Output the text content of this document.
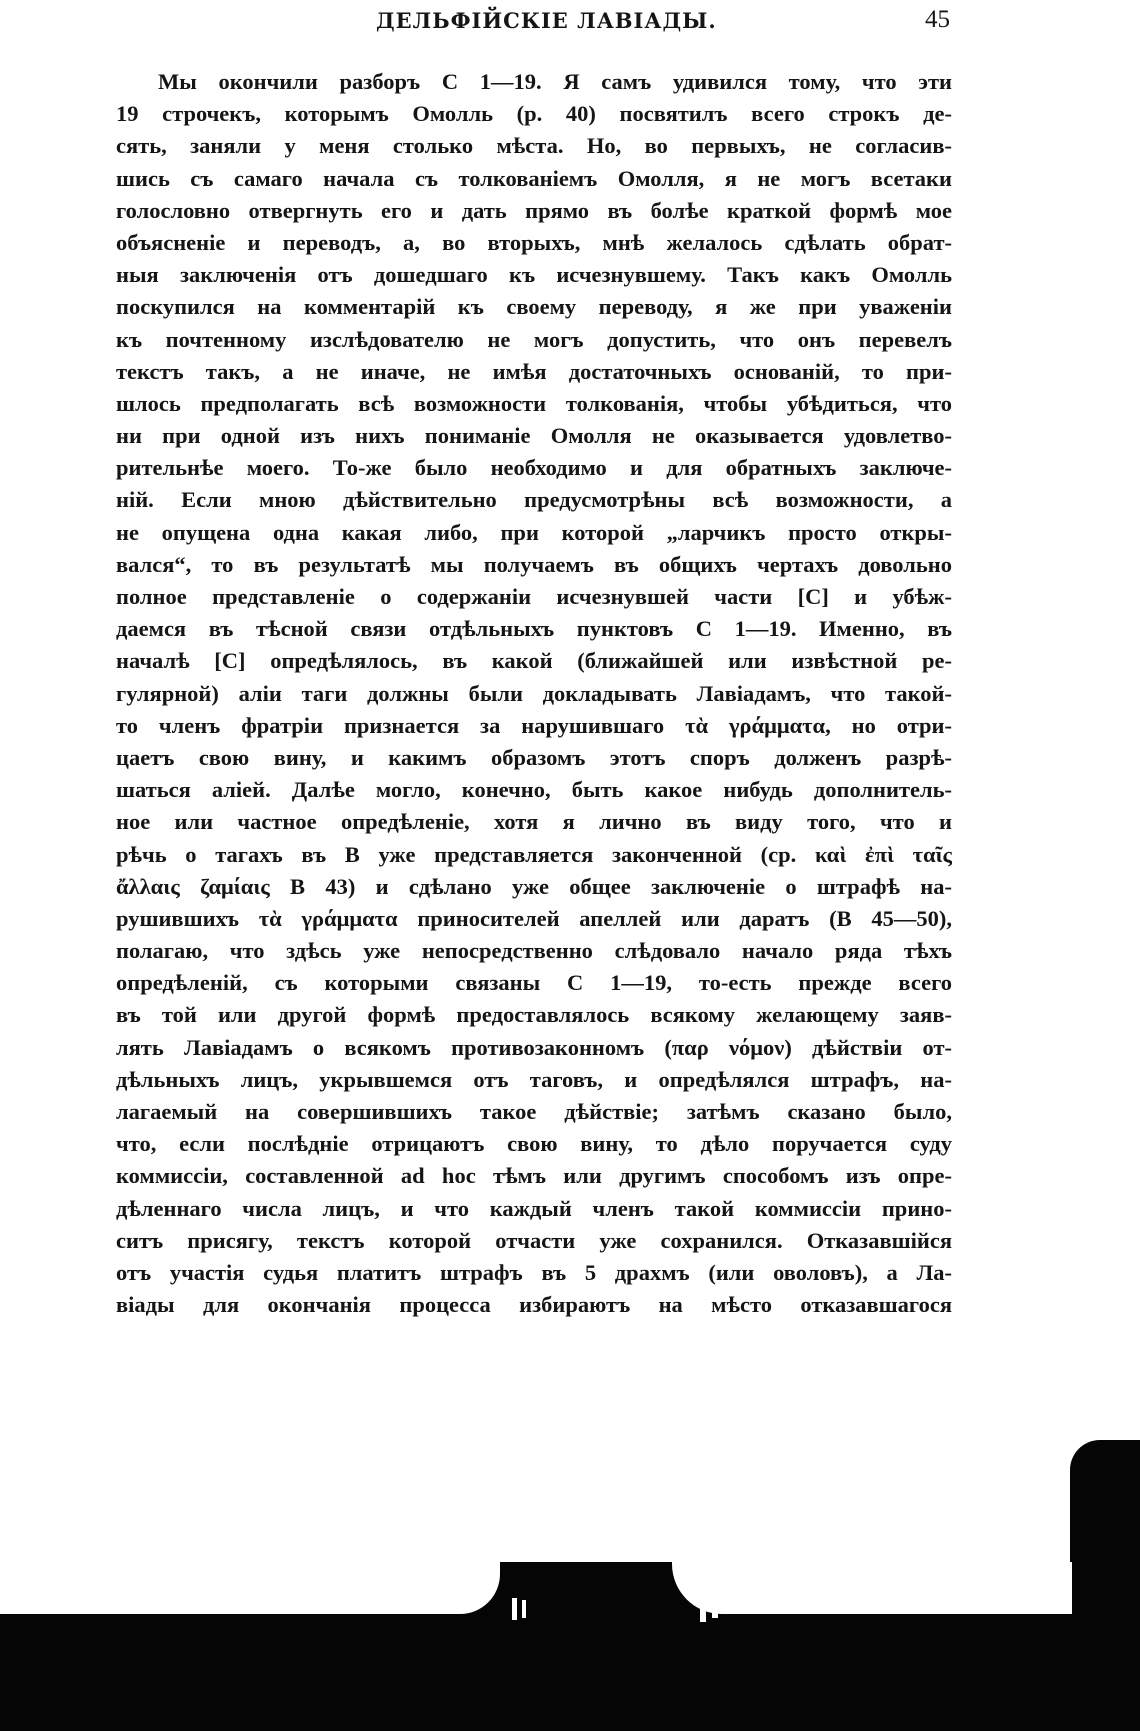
ДЕЛЬФІЙСКІЕ ЛАВІАДЫ.	45
Мы окончили разборъ С 1—19. Я самъ удивился тому, что эти
19 строчекъ, которымъ Омолль (р. 40) посвятилъ всего строкъ де-
сять, заняли у меня столько мѣста. Но, во первыхъ, не согласив-
шись съ самаго начала съ толкованіемъ Омолля, я не могъ всетаки
голословно отвергнуть его и дать прямо въ болѣе краткой формѣ мое
объясненіе и переводъ, а, во вторыхъ, мнѣ желалось сдѣлать обрат-
ныя заключенія отъ дошедшаго къ исчезнувшему. Такъ какъ Омолль
поскупился на комментарій къ своему переводу, я же при уваженіи
къ почтенному изслѣдователю не могъ допустить, что онъ перевелъ
текстъ такъ, а не иначе, не имѣя достаточныхъ основаній, то при-
шлось предполагать всѣ возможности толкованія, чтобы убѣдиться, что
ни при одной изъ нихъ пониманіе Омолля не оказывается удовлетво-
рительнѣе моего. То-же было необходимо и для обратныхъ заключе-
ній. Если мною дѣйствительно предусмотрѣны всѣ возможности, а
не опущена одна какая либо, при которой „ларчикъ просто откры-
вался“, то въ результатѣ мы получаемъ въ общихъ чертахъ довольно
полное представленіе о содержаніи исчезнувшей части [С] и убѣж-
даемся въ тѣсной связи отдѣльныхъ пунктовъ С 1—19. Именно, въ
началѣ [С] опредѣлялось, въ какой (ближайшей или извѣстной ре-
гулярной) аліи таги должны были докладывать Лавіадамъ, что такой-
то членъ фратріи признается за нарушившаго τὰ γράμματα, но отри-
цаетъ свою вину, и какимъ образомъ этотъ споръ долженъ разрѣ-
шаться аліей. Далѣе могло, конечно, быть какое нибудь дополнитель-
ное или частное опредѣленіе, хотя я лично въ виду того, что и
рѣчь о тагахъ въ В уже представляется законченной (ср. καὶ ἐπὶ ταῖς
ἄλλαις ζαμίαις В 43) и сдѣлано уже общее заключеніе о штрафѣ на-
рушившихъ τὰ γράμματα приносителей апеллей или даратъ (В 45—50),
полагаю, что здѣсь уже непосредственно слѣдовало начало ряда тѣхъ
опредѣленій, съ которыми связаны С 1—19, то-есть прежде всего
въ той или другой формѣ предоставлялось всякому желающему заяв-
лять Лавіадамъ о всякомъ противозаконномъ (παρ νόμον) дѣйствіи от-
дѣльныхъ лицъ, укрывшемся отъ таговъ, и опредѣлялся штрафъ, на-
лагаемый на совершившихъ такое дѣйствіе; затѣмъ сказано было,
что, если послѣдніе отрицаютъ свою вину, то дѣло поручается суду
коммиссіи, составленной ad hoc тѣмъ или другимъ способомъ изъ опре-
дѣленнаго числа лицъ, и что каждый членъ такой коммиссіи прино-
ситъ присягу, текстъ которой отчасти уже сохранился. Отказавшійся
отъ участія судья платитъ штрафъ въ 5 драхмъ (или оволовъ), а Ла-
віады для окончанія процесса избираютъ на мѣсто отказавшагося
